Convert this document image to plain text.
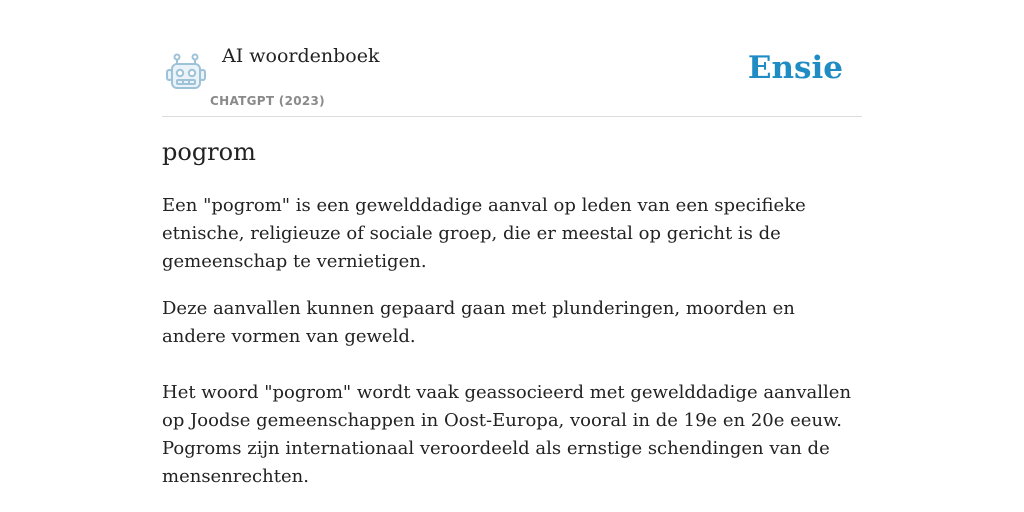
AI woordenboek
CHATGPT (2023)
Ensie
pogrom

Een "pogrom" is een gewelddadige aanval op leden van een specifieke etnische, religieuze of sociale groep, die er meestal op gericht is de gemeenschap te vernietigen.

Deze aanvallen kunnen gepaard gaan met plunderingen, moorden en andere vormen van geweld.

Het woord "pogrom" wordt vaak geassocieerd met gewelddadige aanvallen op Joodse gemeenschappen in Oost-Europa, vooral in de 19e en 20e eeuw. Pogroms zijn internationaal veroordeeld als ernstige schendingen van de mensenrechten.
